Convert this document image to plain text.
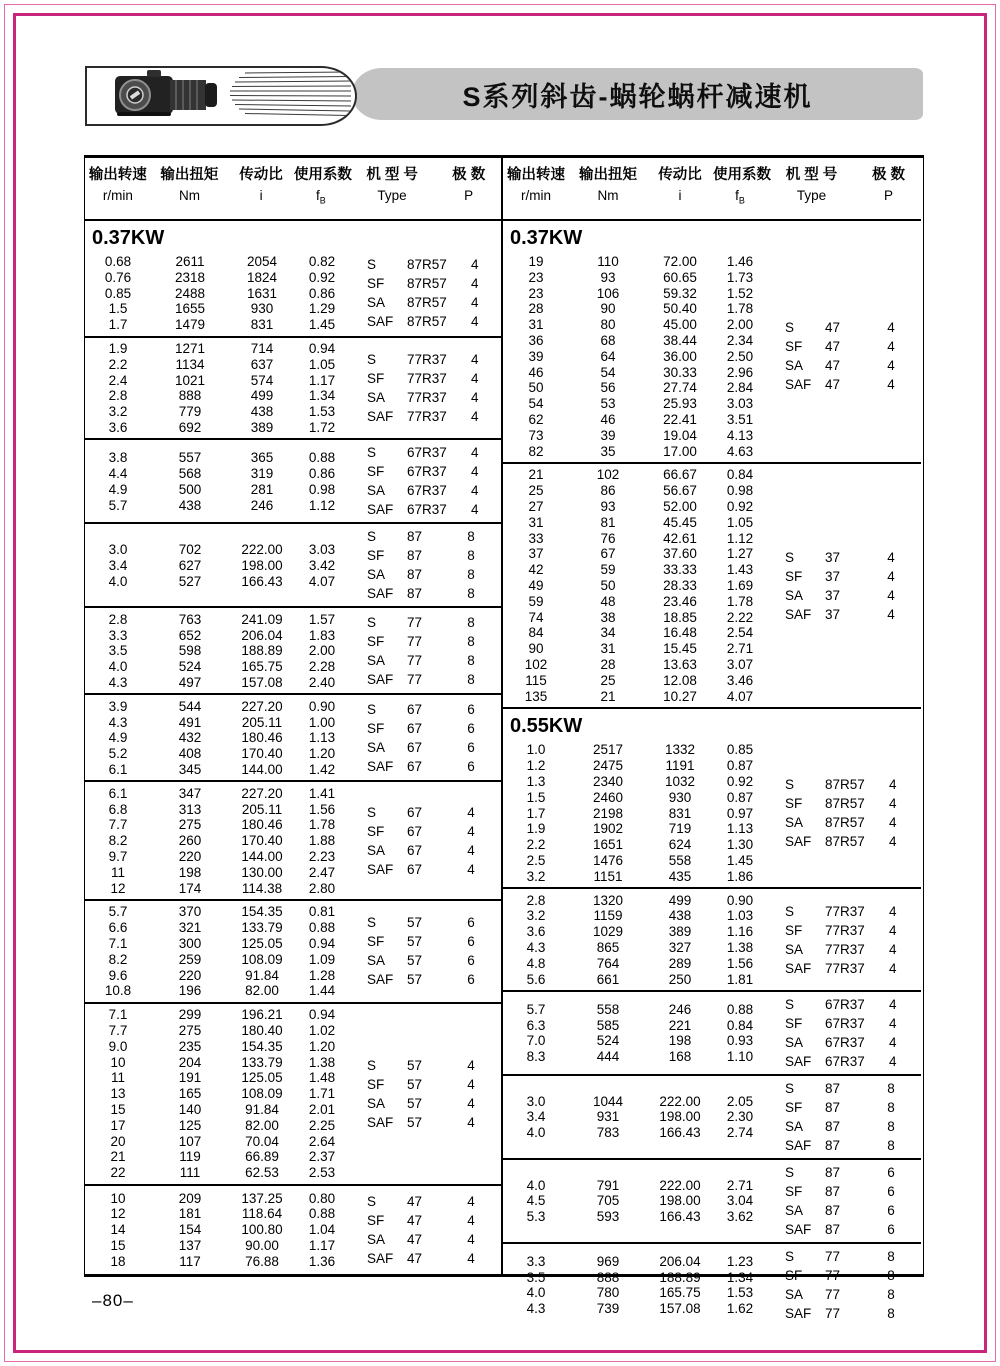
S系列斜齿-蜗轮蜗杆减速机
输出转速 输出扭矩	传动比 使用系数 机 型 号	极 数
r/min	Nm	i	$f_B$	Type	P
0.37KW
0.68	2611	2054	0.82
0.76	2318	1824	0.92
0.85	2488	1631	0.86
1.5	1655	930	1.29
1.7	1479	831	1.45
S	87R57	4
SF	87R57	4
SA	87R57	4
SAF	87R57	4
1.9	1271	714	0.94
2.2	1134	637	1.05
2.4	1021	574	1.17
2.8	888	499	1.34
3.2	779	438	1.53
3.6	692	389	1.72
S	77R37	4
SF	77R37	4
SA	77R37	4
SAF	77R37	4
3.8	557	365	0.88
4.4	568	319	0.86
4.9	500	281	0.98
5.7	438	246	1.12
S	67R37	4
SF	67R37	4
SA	67R37	4
SAF	67R37	4
3.0	702	222.00	3.03
3.4	627	198.00	3.42
4.0	527	166.43	4.07
S	87	8
SF	87	8
SA	87	8
SAF	87	8
2.8	763	241.09	1.57
3.3	652	206.04	1.83
3.5	598	188.89	2.00
4.0	524	165.75	2.28
4.3	497	157.08	2.40
S	77	8
SF	77	8
SA	77	8
SAF	77	8
3.9	544	227.20	0.90
4.3	491	205.11	1.00
4.9	432	180.46	1.13
5.2	408	170.40	1.20
6.1	345	144.00	1.42
S	67	6
SF	67	6
SA	67	6
SAF	67	6
6.1	347	227.20	1.41
6.8	313	205.11	1.56
7.7	275	180.46	1.78
8.2	260	170.40	1.88
9.7	220	144.00	2.23
11	198	130.00	2.47
12	174	114.38	2.80
S	67	4
SF	67	4
SA	67	4
SAF	67	4
5.7	370	154.35	0.81
6.6	321	133.79	0.88
7.1	300	125.05	0.94
8.2	259	108.09	1.09
9.6	220	91.84	1.28
10.8	196	82.00	1.44
S	57	6
SF	57	6
SA	57	6
SAF	57	6
7.1	299	196.21	0.94
7.7	275	180.40	1.02
9.0	235	154.35	1.20
10	204	133.79	1.38
11	191	125.05	1.48
13	165	108.09	1.71
15	140	91.84	2.01
17	125	82.00	2.25
20	107	70.04	2.64
21	119	66.89	2.37
22	111	62.53	2.53
S	57	4
SF	57	4
SA	57	4
SAF	57	4
10	209	137.25	0.80
12	181	118.64	0.88
14	154	100.80	1.04
15	137	90.00	1.17
18	117	76.88	1.36
S	47	4
SF	47	4
SA	47	4
SAF	47	4
输出转速 输出扭矩	传动比 使用系数	机 型 号	极 数
r/min	Nm	i	$f_B$	Type	P
0.37KW
19	110	72.00	1.46
23	93	60.65	1.73
23	106	59.32	1.52
28	90	50.40	1.78
31	80	45.00	2.00
36	68	38.44	2.34
39	64	36.00	2.50
46	54	30.33	2.96
50	56	27.74	2.84
54	53	25.93	3.03
62	46	22.41	3.51
73	39	19.04	4.13
82	35	17.00	4.63
S	47	4
SF	47	4
SA	47	4
SAF	47	4
21	102	66.67	0.84
25	86	56.67	0.98
27	93	52.00	0.92
31	81	45.45	1.05
33	76	42.61	1.12
37	67	37.60	1.27
42	59	33.33	1.43
49	50	28.33	1.69
59	48	23.46	1.78
74	38	18.85	2.22
84	34	16.48	2.54
90	31	15.45	2.71
102	28	13.63	3.07
115	25	12.08	3.46
135	21	10.27	4.07
S	37	4
SF	37	4
SA	37	4
SAF	37	4
0.55KW
1.0	2517	1332	0.85
1.2	2475	1191	0.87
1.3	2340	1032	0.92
1.5	2460	930	0.87
1.7	2198	831	0.97
1.9	1902	719	1.13
2.2	1651	624	1.30
2.5	1476	558	1.45
3.2	1151	435	1.86
S	87R57	4
SF	87R57	4
SA	87R57	4
SAF	87R57	4
2.8	1320	499	0.90
3.2	1159	438	1.03
3.6	1029	389	1.16
4.3	865	327	1.38
4.8	764	289	1.56
5.6	661	250	1.81
S	77R37	4
SF	77R37	4
SA	77R37	4
SAF	77R37	4
5.7	558	246	0.88
6.3	585	221	0.84
7.0	524	198	0.93
8.3	444	168	1.10
S	67R37	4
SF	67R37	4
SA	67R37	4
SAF	67R37	4
3.0	1044	222.00	2.05
3.4	931	198.00	2.30
4.0	783	166.43	2.74
S	87	8
SF	87	8
SA	87	8
SAF	87	8
4.0	791	222.00	2.71
4.5	705	198.00	3.04
5.3	593	166.43	3.62
S	87	6
SF	87	6
SA	87	6
SAF	87	6
3.3	969	206.04	1.23
3.5	888	188.89	1.34
4.0	780	165.75	1.53
4.3	739	157.08	1.62
S	77	8
SF	77	8
SA	77	8
SAF	77	8
–80–
